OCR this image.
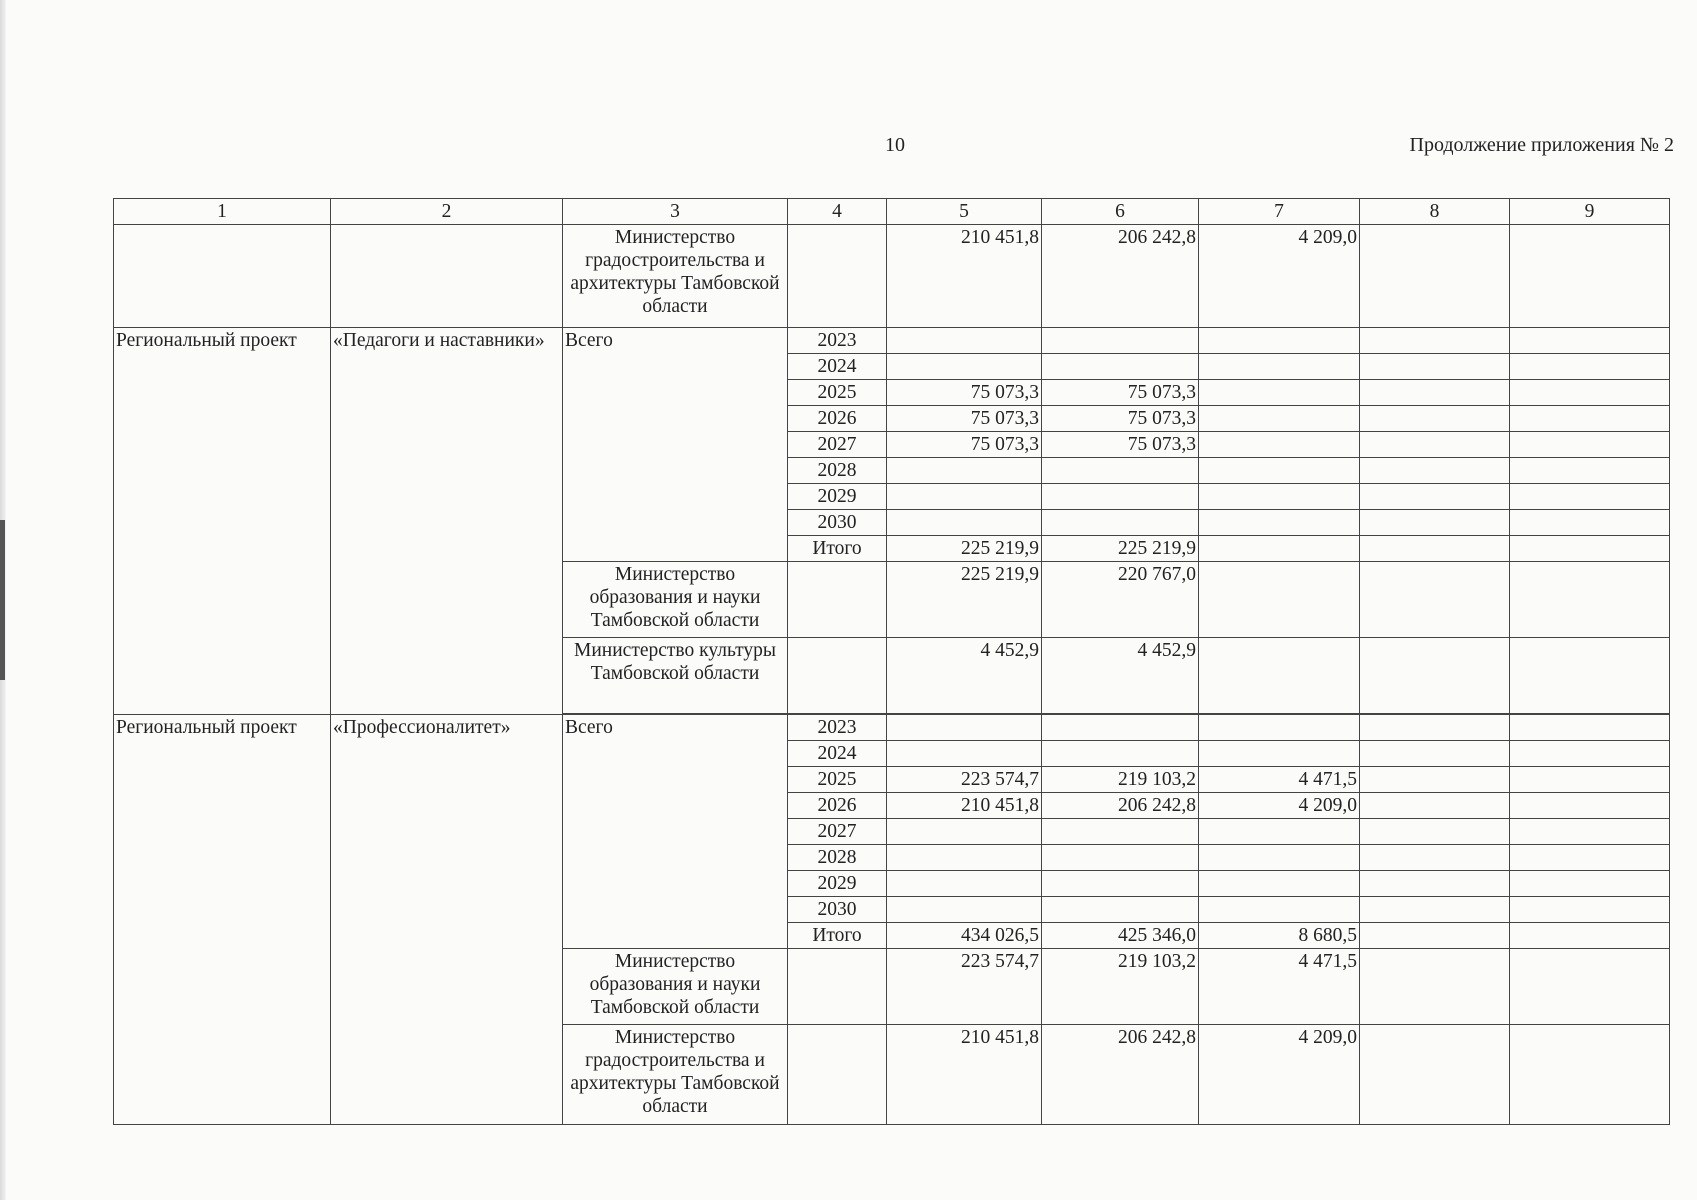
10	Продолжение приложения № 2
1	2	3	4	5	6	7	8	9
		Министерство градостроительства и архитектуры Тамбовской области		210 451,8	206 242,8	4 209,0		
Региональный проект	«Педагоги и наставники»	Всего	2023					
			2024					
			2025	75 073,3	75 073,3			
			2026	75 073,3	75 073,3			
			2027	75 073,3	75 073,3			
			2028					
			2029					
			2030					
			Итого	225 219,9	225 219,9			
		Министерство образования и науки Тамбовской области		225 219,9	220 767,0			
		Министерство культуры Тамбовской области		4 452,9	4 452,9			

Региональный проект	«Профессионалитет»	Всего	2023					
			2024					
			2025	223 574,7	219 103,2	4 471,5		
			2026	210 451,8	206 242,8	4 209,0		
			2027					
			2028					
			2029					
			2030					
			Итого	434 026,5	425 346,0	8 680,5		
		Министерство образования и науки Тамбовской области		223 574,7	219 103,2	4 471,5		
		Министерство градостроительства и архитектуры Тамбовской области		210 451,8	206 242,8	4 209,0		
